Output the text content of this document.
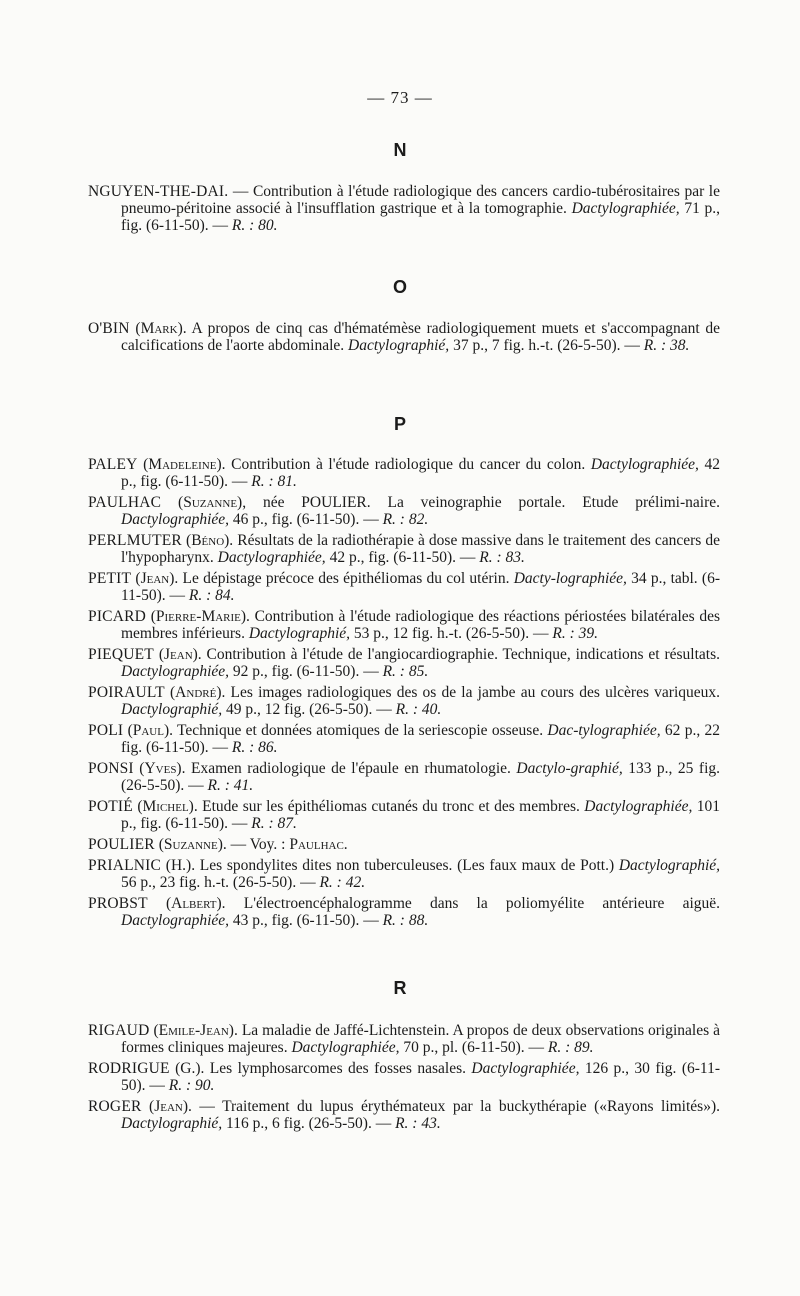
— 73 —
N

NGUYEN-THE-DAI. — Contribution à l'étude radiologique des cancers cardio-tubérositaires par le pneumo-péritoine associé à l'insufflation gastrique et à la tomographie. Dactylographiée, 71 p., fig. (6-11-50). — R. : 80.

O

O'BIN (Mark). A propos de cinq cas d'hématémèse radiologiquement muets et s'accompagnant de calcifications de l'aorte abdominale. Dactylographié, 37 p., 7 fig. h.-t. (26-5-50). — R. : 38.

P

PALEY (Madeleine). Contribution à l'étude radiologique du cancer du colon. Dactylographiée, 42 p., fig. (6-11-50). — R. : 81.

PAULHAC (Suzanne), née POULIER. La veinographie portale. Etude prélimi-naire. Dactylographiée, 46 p., fig. (6-11-50). — R. : 82.

PERLMUTER (Béno). Résultats de la radiothérapie à dose massive dans le traitement des cancers de l'hypopharynx. Dactylographiée, 42 p., fig. (6-11-50). — R. : 83.

PETIT (Jean). Le dépistage précoce des épithéliomas du col utérin. Dacty-lographiée, 34 p., tabl. (6-11-50). — R. : 84.

PICARD (Pierre-Marie). Contribution à l'étude radiologique des réactions périostées bilatérales des membres inférieurs. Dactylographié, 53 p., 12 fig. h.-t. (26-5-50). — R. : 39.

PIEQUET (Jean). Contribution à l'étude de l'angiocardiographie. Technique, indications et résultats. Dactylographiée, 92 p., fig. (6-11-50). — R. : 85.

POIRAULT (André). Les images radiologiques des os de la jambe au cours des ulcères variqueux. Dactylographié, 49 p., 12 fig. (26-5-50). — R. : 40.

POLI (Paul). Technique et données atomiques de la seriescopie osseuse. Dac-tylographiée, 62 p., 22 fig. (6-11-50). — R. : 86.

PONSI (Yves). Examen radiologique de l'épaule en rhumatologie. Dactylo-graphié, 133 p., 25 fig. (26-5-50). — R. : 41.

POTIÉ (Michel). Etude sur les épithéliomas cutanés du tronc et des membres. Dactylographiée, 101 p., fig. (6-11-50). — R. : 87.

POULIER (Suzanne). — Voy. : Paulhac.

PRIALNIC (H.). Les spondylites dites non tuberculeuses. (Les faux maux de Pott.) Dactylographié, 56 p., 23 fig. h.-t. (26-5-50). — R. : 42.

PROBST (Albert). L'électroencéphalogramme dans la poliomyélite antérieure aiguë. Dactylographiée, 43 p., fig. (6-11-50). — R. : 88.

R

RIGAUD (Emile-Jean). La maladie de Jaffé-Lichtenstein. A propos de deux observations originales à formes cliniques majeures. Dactylographiée, 70 p., pl. (6-11-50). — R. : 89.

RODRIGUE (G.). Les lymphosarcomes des fosses nasales. Dactylographiée, 126 p., 30 fig. (6-11-50). — R. : 90.

ROGER (Jean). — Traitement du lupus érythémateux par la buckythérapie («Rayons limités»). Dactylographié, 116 p., 6 fig. (26-5-50). — R. : 43.
